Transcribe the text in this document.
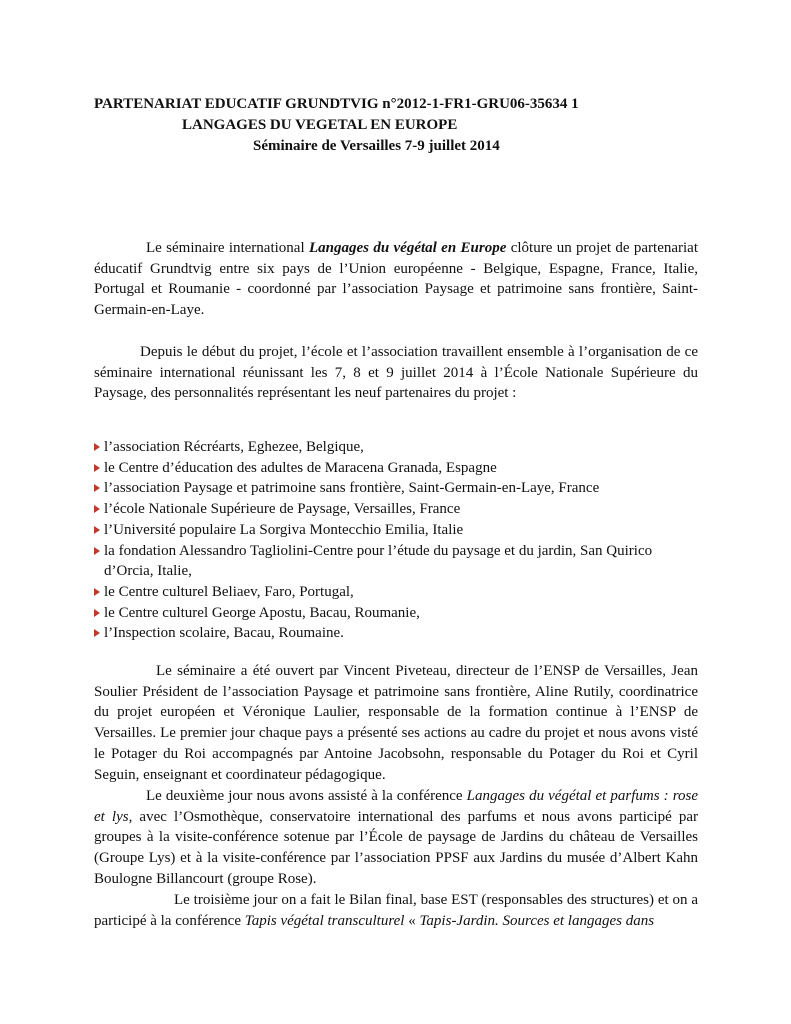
PARTENARIAT EDUCATIF GRUNDTVIG n°2012-1-FR1-GRU06-35634 1
LANGAGES DU VEGETAL EN EUROPE
Séminaire de Versailles 7-9 juillet 2014
Le séminaire international Langages du végétal en Europe clôture un projet de partenariat éducatif Grundtvig entre six pays de l’Union européenne - Belgique, Espagne, France, Italie, Portugal et Roumanie - coordonné par l’association Paysage et patrimoine sans frontière, Saint-Germain-en-Laye.
Depuis le début du projet, l’école et l’association travaillent ensemble à l’organisation de ce séminaire international réunissant les 7, 8 et 9 juillet 2014 à l’École Nationale Supérieure du Paysage, des personnalités représentant les neuf partenaires du projet :
l’association Récréarts, Eghezee, Belgique,
le Centre d’éducation des adultes de Maracena Granada, Espagne
l’association Paysage et patrimoine sans frontière, Saint-Germain-en-Laye, France
l’école Nationale Supérieure de Paysage, Versailles, France
l’Université populaire La Sorgiva Montecchio Emilia, Italie
la fondation Alessandro Tagliolini-Centre pour l’étude du paysage et du jardin, San Quirico d’Orcia, Italie,
le Centre culturel Beliaev, Faro, Portugal,
le Centre culturel George Apostu, Bacau, Roumanie,
l’Inspection scolaire, Bacau, Roumaine.
Le séminaire a été ouvert par Vincent Piveteau, directeur de l’ENSP de Versailles, Jean Soulier Président de l’association Paysage et patrimoine sans frontière, Aline Rutily, coordinatrice du projet européen et Véronique Laulier, responsable de la formation continue à l’ENSP de Versailles. Le premier jour chaque pays a présenté ses actions au cadre du projet et nous avons visté le Potager du Roi accompagnés par Antoine Jacobsohn, responsable du Potager du Roi et Cyril Seguin, enseignant et coordinateur pédagogique.
Le deuxième jour nous avons assisté à la conférence Langages du végétal et parfums : rose et lys, avec l’Osmothèque, conservatoire international des parfums et nous avons participé par groupes à la visite-conférence sotenue par l’École de paysage de Jardins du château de Versailles (Groupe Lys) et à la visite-conférence par l’association PPSF aux Jardins du musée d’Albert Kahn Boulogne Billancourt (groupe Rose).
Le troisième jour on a fait le Bilan final, base EST (responsables des structures) et on a participé à la conférence Tapis végétal transculturel « Tapis-Jardin. Sources et langages dans
